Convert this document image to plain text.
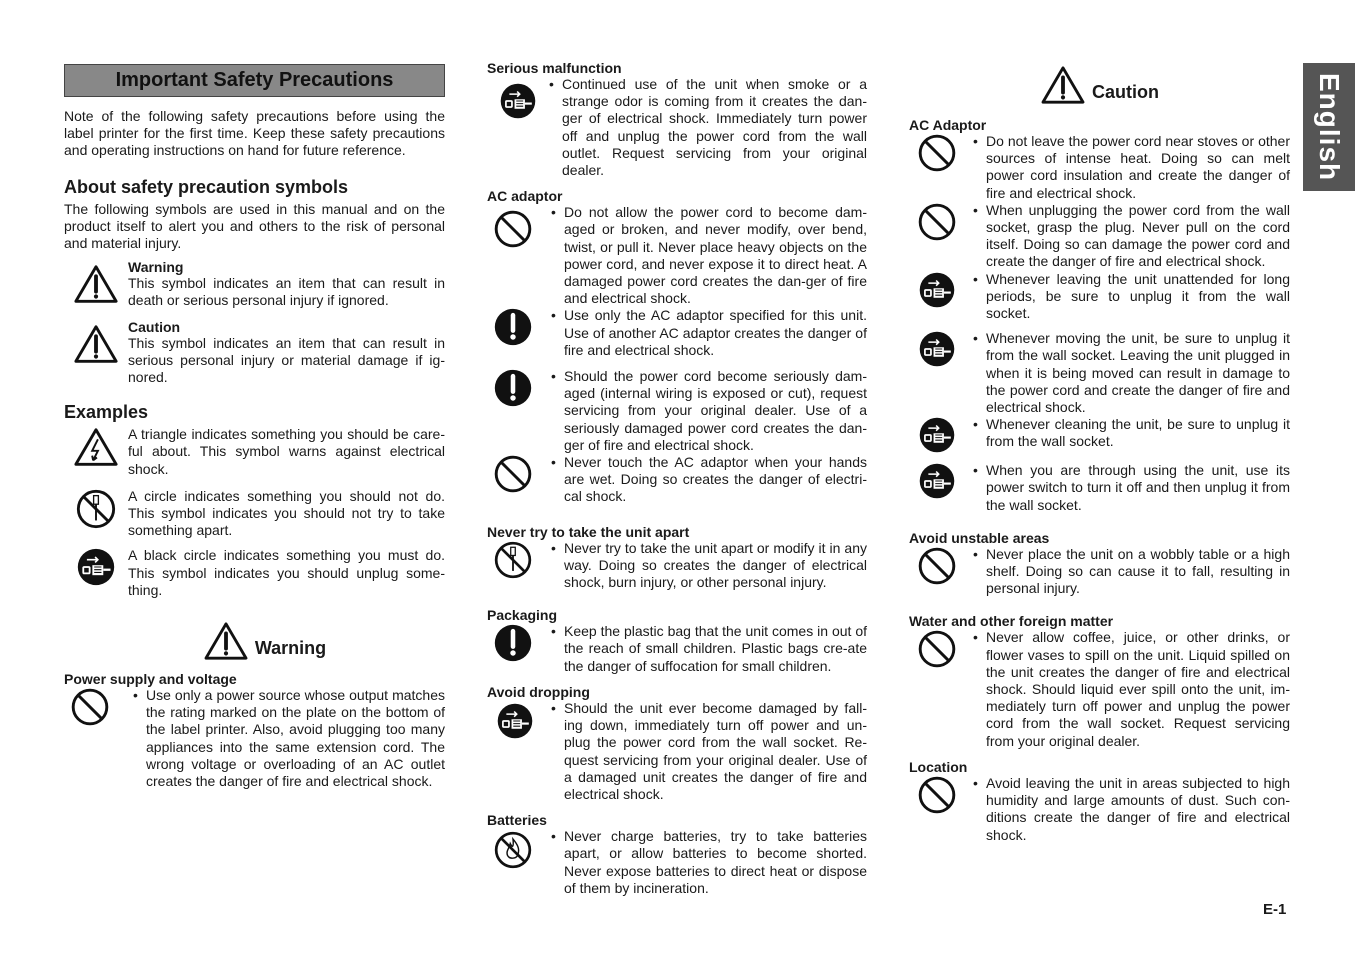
English
Important Safety Precautions

Note of the following safety precautions before using the label printer for the first time. Keep these safety precautions and operating instructions on hand for future reference.

About safety precaution symbols

The following symbols are used in this manual and on the product itself to alert you and others to the risk of personal and material injury.

Warning
This symbol indicates an item that can result in death or serious personal injury if ignored.
Caution
This symbol indicates an item that can result in serious personal injury or material damage if ig-nored.
Examples
A triangle indicates something you should be care-ful about. This symbol warns against electrical shock.
A circle indicates something you should not do. This symbol indicates you should not try to take something apart.
A black circle indicates something you must do. This symbol indicates you should unplug some-thing.
Warning
Power supply and voltage
• Use only a power source whose output matches the rating marked on the plate on the bottom of the label printer. Also, avoid plugging too many appliances into the same extension cord. The wrong voltage or overloading of an AC outlet creates the danger of fire and electrical shock.
Serious malfunction
• Continued use of the unit when smoke or a strange odor is coming from it creates the dan-ger of electrical shock. Immediately turn power off and unplug the power cord from the wall outlet. Request servicing from your original dealer.
AC adaptor
• Do not allow the power cord to become dam-aged or broken, and never modify, over bend, twist, or pull it. Never place heavy objects on the power cord, and never expose it to direct heat. A damaged power cord creates the dan-ger of fire and electrical shock.
• Use only the AC adaptor specified for this unit. Use of another AC adaptor creates the danger of fire and electrical shock.
• Should the power cord become seriously dam-aged (internal wiring is exposed or cut), request servicing from your original dealer. Use of a seriously damaged power cord creates the dan-ger of fire and electrical shock.
• Never touch the AC adaptor when your hands are wet. Doing so creates the danger of electri-cal shock.
Never try to take the unit apart
• Never try to take the unit apart or modify it in any way. Doing so creates the danger of electrical shock, burn injury, or other personal injury.
Packaging
• Keep the plastic bag that the unit comes in out of the reach of small children. Plastic bags cre-ate the danger of suffocation for small children.
Avoid dropping
• Should the unit ever become damaged by fall-ing down, immediately turn off power and un-plug the power cord from the wall socket. Re-quest servicing from your original dealer. Use of a damaged unit creates the danger of fire and electrical shock.
Batteries
• Never charge batteries, try to take batteries apart, or allow batteries to become shorted. Never expose batteries to direct heat or dispose of them by incineration.
Caution
AC Adaptor
• Do not leave the power cord near stoves or other sources of intense heat. Doing so can melt power cord insulation and create the danger of fire and electrical shock.
• When unplugging the power cord from the wall socket, grasp the plug. Never pull on the cord itself. Doing so can damage the power cord and create the danger of fire and electrical shock.
• Whenever leaving the unit unattended for long periods, be sure to unplug it from the wall socket.
• Whenever moving the unit, be sure to unplug it from the wall socket. Leaving the unit plugged in when it is being moved can result in damage to the power cord and create the danger of fire and electrical shock.
• Whenever cleaning the unit, be sure to unplug it from the wall socket.
• When you are through using the unit, use its power switch to turn it off and then unplug it from the wall socket.
Avoid unstable areas
• Never place the unit on a wobbly table or a high shelf. Doing so can cause it to fall, resulting in personal injury.
Water and other foreign matter
• Never allow coffee, juice, or other drinks, or flower vases to spill on the unit. Liquid spilled on the unit creates the danger of fire and electrical shock. Should liquid ever spill onto the unit, im-mediately turn off power and unplug the power cord from the wall socket. Request servicing from your original dealer.
Location
• Avoid leaving the unit in areas subjected to high humidity and large amounts of dust. Such con-ditions create the danger of fire and electrical shock.
E-1
